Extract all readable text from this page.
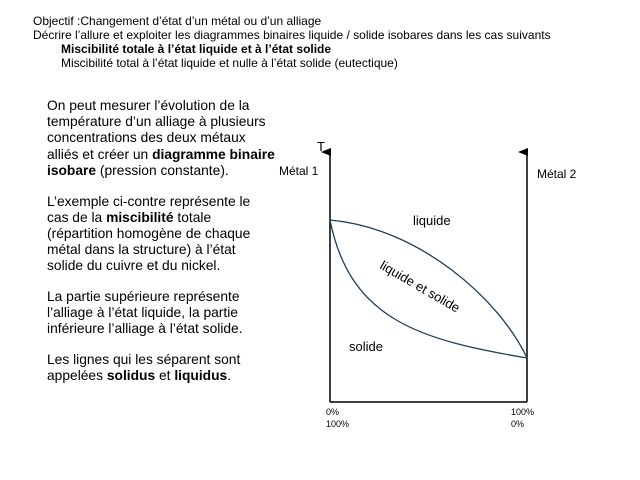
Objectif :Changement d’état d’un métal ou d’un alliage
Décrire l’allure et exploiter les diagrammes binaires liquide / solide isobares dans les cas suivants
Miscibilité totale à l’état liquide et à l’état solide
Miscibilité total à l’état liquide et nulle à l’état solide (eutectique)

On peut mesurer l’évolution de la température d’un alliage à plusieurs concentrations des deux métaux alliés et créer un diagramme binaire isobare (pression constante).

L’exemple ci-contre représente le cas de la miscibilité totale (répartition homogène de chaque métal dans la structure) à l’état solide du cuivre et du nickel.

La partie supérieure représente l’alliage à l’état liquide, la partie inférieure l’alliage à l’état solide.

Les lignes qui les séparent sont appelées solidus et liquidus.

T
Métal 1	Métal 2
liquide
liquide et solide
solide
0%
100%
100%
0%
